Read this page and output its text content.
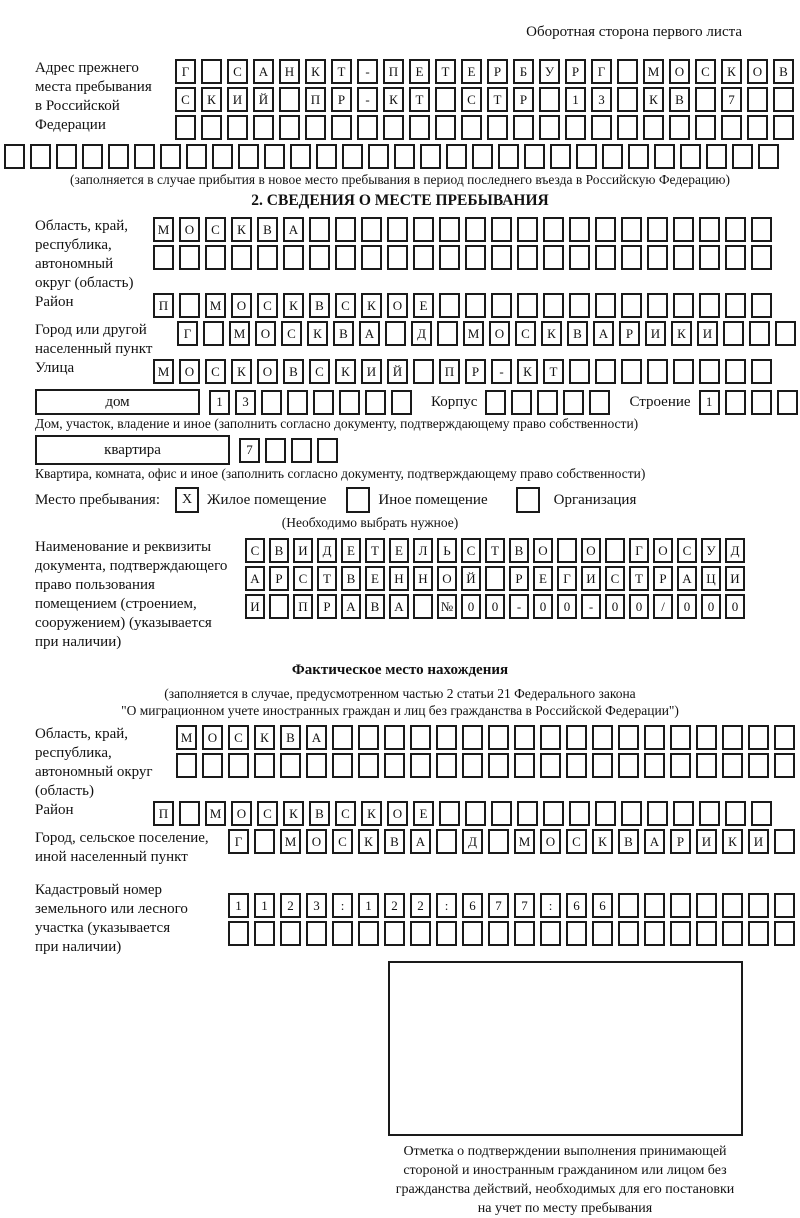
Оборотная сторона первого листа
Адрес прежнего
места пребывания
в Российской
Федерации
Г	С	А	Н	К	Т	-	П	Е	Т	Е	Р	Б	У	Р	Г	М	О	С	К	О	В
С	К	И	Й	П	Р	-	К	Т	С	Т	Р	1	3	К	В	7
(заполняется в случае прибытия в новое место пребывания в период последнего въезда в Российскую Федерацию)
2. СВЕДЕНИЯ О МЕСТЕ ПРЕБЫВАНИЯ
Область, край,
республика,
автономный
округ (область)
М	О	С	К	В	А
Район	П	М	О	С	К	В	С	К	О	Е
Город или другой
населенный пункт
Г	М	О	С	К	В	А	Д	М	О	С	К	В	А	Р	И	К	И
Улица	М	О	С	К	О	В	С	К	И	Й	П	Р	-	К	Т
дом	1	3	Корпус	Строение	1
Дом, участок, владение и иное (заполнить согласно документу, подтверждающему право собственности)
квартира	7
Квартира, комната, офис и иное (заполнить согласно документу, подтверждающему право собственности)
Место пребывания:	X Жилое помещение	Иное помещение	Организация
(Необходимо выбрать нужное)
Наименование и реквизиты
документа, подтверждающего
право пользования
помещением (строением,
сооружением) (указывается
при наличии)
С	В	И	Д	Е	Т	Е	Л	Ь	С	Т	В	О	О	Г	О	С	У	Д
А	Р	С	Т	В	Е	Н	Н	О	Й	Р	Е	Г	И	С	Т	Р	А	Ц	И
И	П	Р	А	В	А	№	0	0	-	0	0	-	0	0	/	0	0	0
Фактическое место нахождения
(заполняется в случае, предусмотренном частью 2 статьи 21 Федерального закона
"О миграционном учете иностранных граждан и лиц без гражданства в Российской Федерации")
Область, край,
республика,
автономный округ
(область)
М	О	С	К	В	А
Район	П	М	О	С	К	В	С	К	О	Е
Город, сельское поселение,
иной населенный пункт
Г	М	О	С	К	В	А	Д	М	О	С	К	В	А	Р	И	К	И
Кадастровый номер
земельного или лесного
участка (указывается
при наличии)
1	1	2	3	:	1	2	2	:	6	7	7	:	6	6
Отметка о подтверждении выполнения принимающей
стороной и иностранным гражданином или лицом без
гражданства действий, необходимых для его постановки
на учет по месту пребывания
